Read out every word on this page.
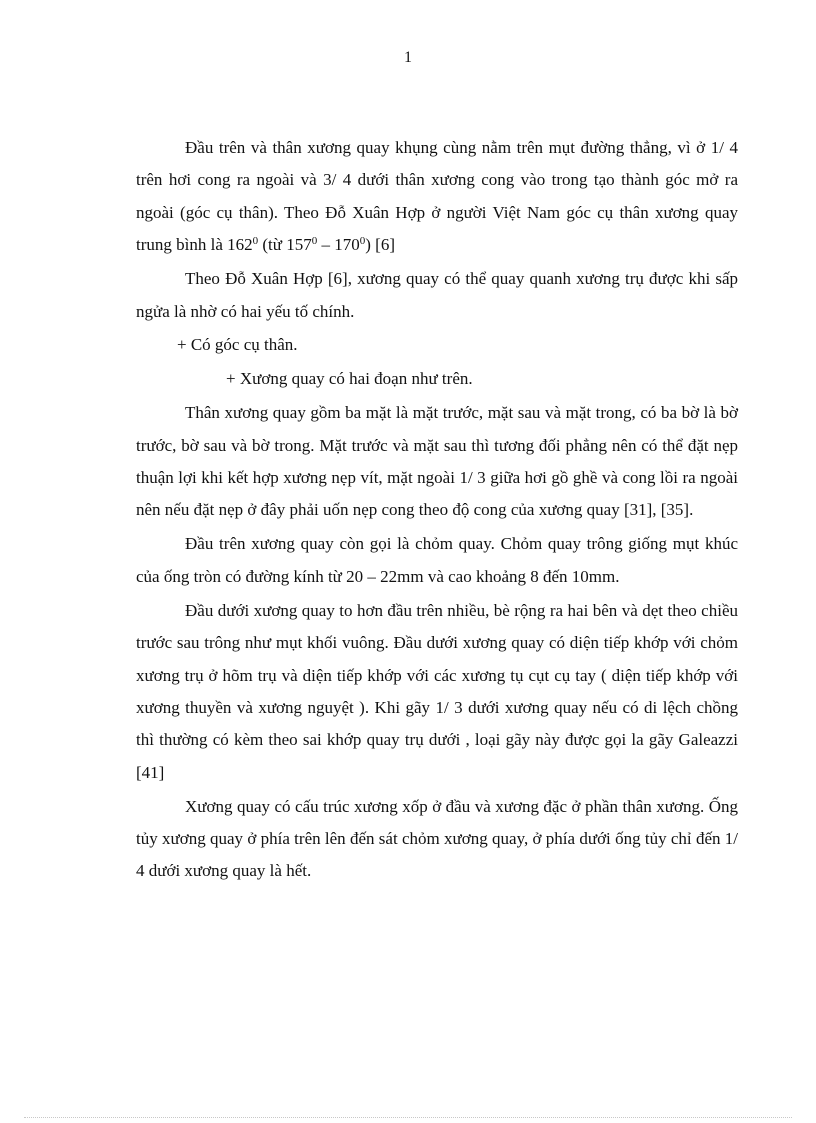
1

Đầu trên và thân xương quay khụng cùng nằm trên mụt đường thẳng, vì ở 1/ 4 trên hơi cong ra ngoài và 3/ 4 dưới thân xương cong vào trong tạo thành góc mở ra ngoài (góc cụ thân). Theo Đỗ Xuân Hợp ở người Việt Nam góc cụ thân xương quay trung bình là $162^0$ (từ $157^0 - 170^0$) [6]

Theo Đỗ Xuân Hợp [6], xương quay có thể quay quanh xương trụ được khi sấp ngửa là nhờ có hai yếu tố chính.

+ Có góc cụ thân.

+ Xương quay có hai đoạn như trên.

Thân xương quay gồm ba mặt là mặt trước, mặt sau và mặt trong, có ba bờ là bờ trước, bờ sau và bờ trong. Mặt trước và mặt sau thì tương đối phẳng nên có thể đặt nẹp thuận lợi khi kết hợp xương nẹp vít, mặt ngoài 1/ 3 giữa hơi gồ ghề và cong lồi ra ngoài nên nếu đặt nẹp ở đây phải uốn nẹp cong theo độ cong của xương quay [31], [35].

Đầu trên xương quay còn gọi là chỏm quay. Chỏm quay trông giống mụt khúc của ống tròn có đường kính từ 20 – 22mm và cao khoảng 8 đến 10mm.

Đầu dưới xương quay to hơn đầu trên nhiều, bè rộng ra hai bên và dẹt theo chiều trước sau trông như mụt khối vuông. Đầu dưới xương quay có diện tiếp khớp với chỏm xương trụ ở hõm trụ và diện tiếp khớp với các xương tụ cụt cụ tay ( diện tiếp khớp với xương thuyền và xương nguyệt ). Khi gãy 1/ 3 dưới xương quay nếu có di lệch chồng thì thường có kèm theo sai khớp quay trụ dưới , loại gãy này được gọi la gãy Galeazzi [41]

Xương quay có cấu trúc xương xốp ở đầu và xương đặc ở phần thân xương. Ống tủy xương quay ở phía trên lên đến sát chỏm xương quay, ở phía dưới ống tủy chỉ đến 1/ 4 dưới xương quay là hết.
